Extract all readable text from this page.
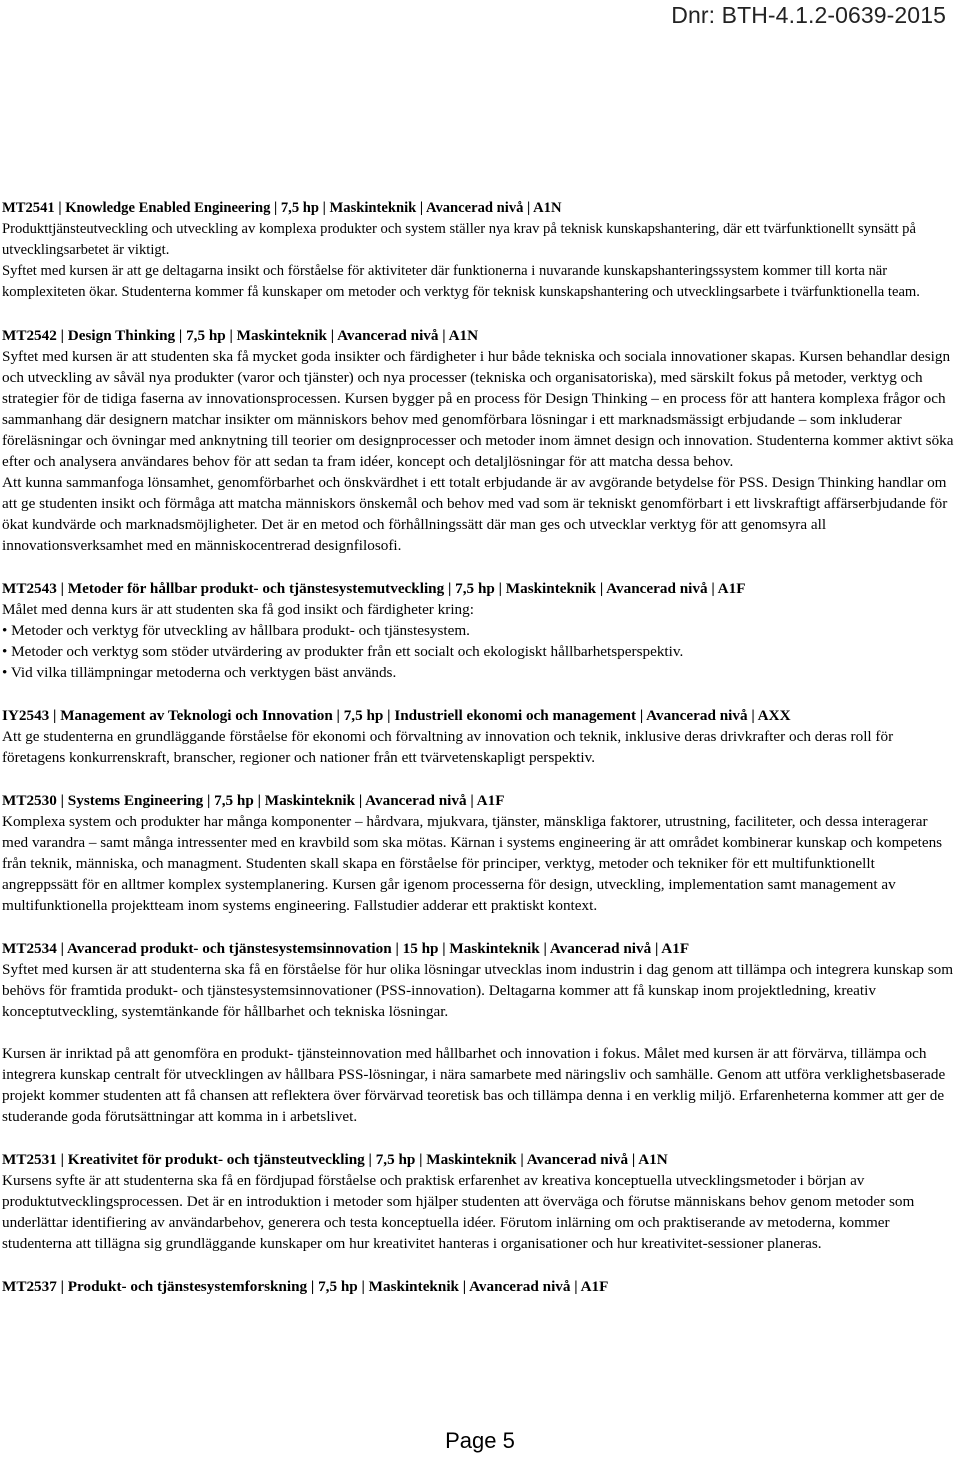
Dnr: BTH-4.1.2-0639-2015
MT2541 | Knowledge Enabled Engineering | 7,5 hp | Maskinteknik | Avancerad nivå | A1N
Produkttjänsteutveckling och utveckling av komplexa produkter och system ställer nya krav på teknisk kunskapshantering, där ett tvärfunktionellt synsätt på utvecklingsarbetet är viktigt.
Syftet med kursen är att ge deltagarna insikt och förståelse för aktiviteter där funktionerna i nuvarande kunskapshanteringssystem kommer till korta när komplexiteten ökar. Studenterna kommer få kunskaper om metoder och verktyg för teknisk kunskapshantering och utvecklingsarbete i tvärfunktionella team.
MT2542 | Design Thinking | 7,5 hp | Maskinteknik | Avancerad nivå | A1N
Syftet med kursen är att studenten ska få mycket goda insikter och färdigheter i hur både tekniska och sociala innovationer skapas. Kursen behandlar design och utveckling av såväl nya produkter (varor och tjänster) och nya processer (tekniska och organisatoriska), med särskilt fokus på metoder, verktyg och strategier för de tidiga faserna av innovationsprocessen. Kursen bygger på en process för Design Thinking – en process för att hantera komplexa frågor och sammanhang där designern matchar insikter om människors behov med genomförbara lösningar i ett marknadsmässigt erbjudande – som inkluderar föreläsningar och övningar med anknytning till teorier om designprocesser och metoder inom ämnet design och innovation. Studenterna kommer aktivt söka efter och analysera användares behov för att sedan ta fram idéer, koncept och detaljlösningar för att matcha dessa behov.
Att kunna sammanfoga lönsamhet, genomförbarhet och önskvärdhet i ett totalt erbjudande är av avgörande betydelse för PSS. Design Thinking handlar om att ge studenten insikt och förmåga att matcha människors önskemål och behov med vad som är tekniskt genomförbart i ett livskraftigt affärserbjudande för ökat kundvärde och marknadsmöjligheter. Det är en metod och förhållningssätt där man ges och utvecklar verktyg för att genomsyra all innovationsverksamhet med en människocentrerad designfilosofi.
MT2543 | Metoder för hållbar produkt- och tjänstesystemutveckling | 7,5 hp | Maskinteknik | Avancerad nivå | A1F
Målet med denna kurs är att studenten ska få god insikt och färdigheter kring:
• Metoder och verktyg för utveckling av hållbara produkt- och tjänstesystem.
• Metoder och verktyg som stöder utvärdering av produkter från ett socialt och ekologiskt hållbarhetsperspektiv.
• Vid vilka tillämpningar metoderna och verktygen bäst används.
IY2543 | Management av Teknologi och Innovation | 7,5 hp | Industriell ekonomi och management | Avancerad nivå | AXX
Att ge studenterna en grundläggande förståelse för ekonomi och förvaltning av innovation och teknik, inklusive deras drivkrafter och deras roll för företagens konkurrenskraft, branscher, regioner och nationer från ett tvärvetenskapligt perspektiv.
MT2530 | Systems Engineering | 7,5 hp | Maskinteknik | Avancerad nivå | A1F
Komplexa system och produkter har många komponenter – hårdvara, mjukvara, tjänster, mänskliga faktorer, utrustning, faciliteter, och dessa interagerar med varandra – samt många intressenter med en kravbild som ska mötas. Kärnan i systems engineering är att området kombinerar kunskap och kompetens från teknik, människa, och managment. Studenten skall skapa en förståelse för principer, verktyg, metoder och tekniker för ett multifunktionellt angreppssätt för en alltmer komplex systemplanering. Kursen går igenom processerna för design, utveckling, implementation samt management av multifunktionella projektteam inom systems engineering. Fallstudier adderar ett praktiskt kontext.
MT2534 | Avancerad produkt- och tjänstesystemsinnovation | 15 hp | Maskinteknik | Avancerad nivå | A1F
Syftet med kursen är att studenterna ska få en förståelse för hur olika lösningar utvecklas inom industrin i dag genom att tillämpa och integrera kunskap som behövs för framtida produkt- och tjänstesystemsinnovationer (PSS-innovation). Deltagarna kommer att få kunskap inom projektledning, kreativ konceptutveckling, systemtänkande för hållbarhet och tekniska lösningar.
Kursen är inriktad på att genomföra en produkt- tjänsteinnovation med hållbarhet och innovation i fokus. Målet med kursen är att förvärva, tillämpa och integrera kunskap centralt för utvecklingen av hållbara PSS-lösningar, i nära samarbete med näringsliv och samhälle. Genom att utföra verklighetsbaserade projekt kommer studenten att få chansen att reflektera över förvärvad teoretisk bas och tillämpa denna i en verklig miljö. Erfarenheterna kommer att ger de studerande goda förutsättningar att komma in i arbetslivet.
MT2531 | Kreativitet för produkt- och tjänsteutveckling | 7,5 hp | Maskinteknik | Avancerad nivå | A1N
Kursens syfte är att studenterna ska få en fördjupad förståelse och praktisk erfarenhet av kreativa konceptuella utvecklingsmetoder i början av produktutvecklingsprocessen. Det är en introduktion i metoder som hjälper studenten att överväga och förutse människans behov genom metoder som underlättar identifiering av användarbehov, generera och testa konceptuella idéer. Förutom inlärning om och praktiserande av metoderna, kommer studenterna att tillägna sig grundläggande kunskaper om hur kreativitet hanteras i organisationer och hur kreativitet-sessioner planeras.
MT2537 | Produkt- och tjänstesystemforskning | 7,5 hp | Maskinteknik | Avancerad nivå | A1F
Page 5
